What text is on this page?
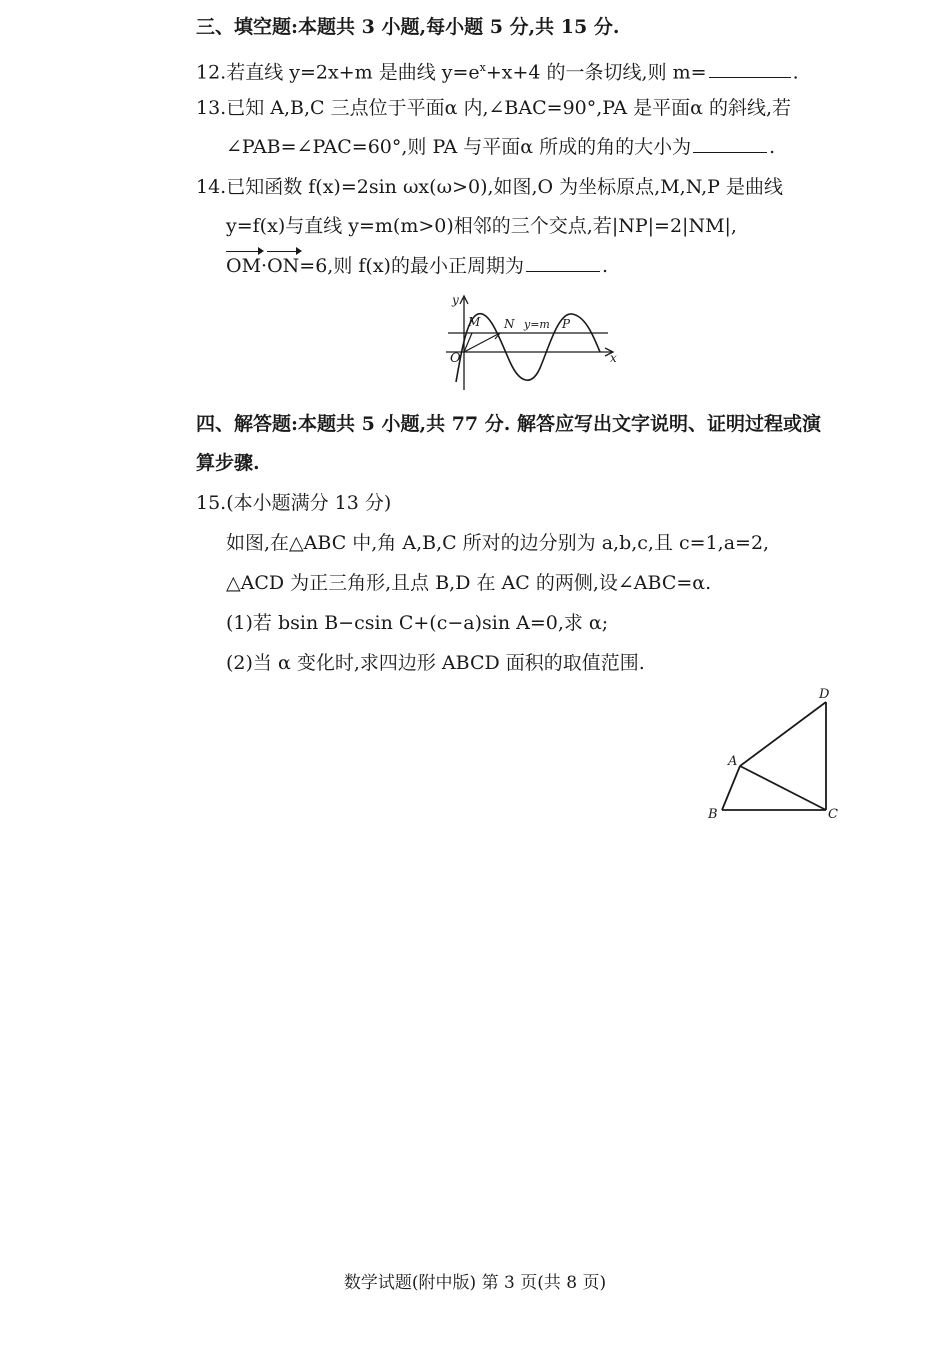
三、填空题:本题共 3 小题,每小题 5 分,共 15 分.
12.若直线 y=2x+m 是曲线 $y=e^x+x+4$ 的一条切线,则 m=	.
13.已知 A,B,C 三点位于平面α 内,∠BAC=90°,PA 是平面α 的斜线,若
∠PAB=∠PAC=60°,则 PA 与平面α 所成的角的大小为	.
14.已知函数 f(x)=2sin ωx(ω>0),如图,O 为坐标原点,M,N,P 是曲线
y=f(x)与直线 y=m(m>0)相邻的三个交点,若|NP|=2|NM|,
OM·ON=6,则 f(x)的最小正周期为	.
y
x
O
M N y=m P
四、解答题:本题共 5 小题,共 77 分. 解答应写出文字说明、证明过程或演
算步骤.
15.(本小题满分 13 分)
如图,在△ABC 中,角 A,B,C 所对的边分别为 a,b,c,且 c=1,a=2,
△ACD 为正三角形,且点 B,D 在 AC 的两侧,设∠ABC=α.
(1)若 bsin B−csin C+(c−a)sin A=0,求 α;
(2)当 α 变化时,求四边形 ABCD 面积的取值范围.
D
A
B	C
数学试题(附中版) 第 3 页(共 8 页)
